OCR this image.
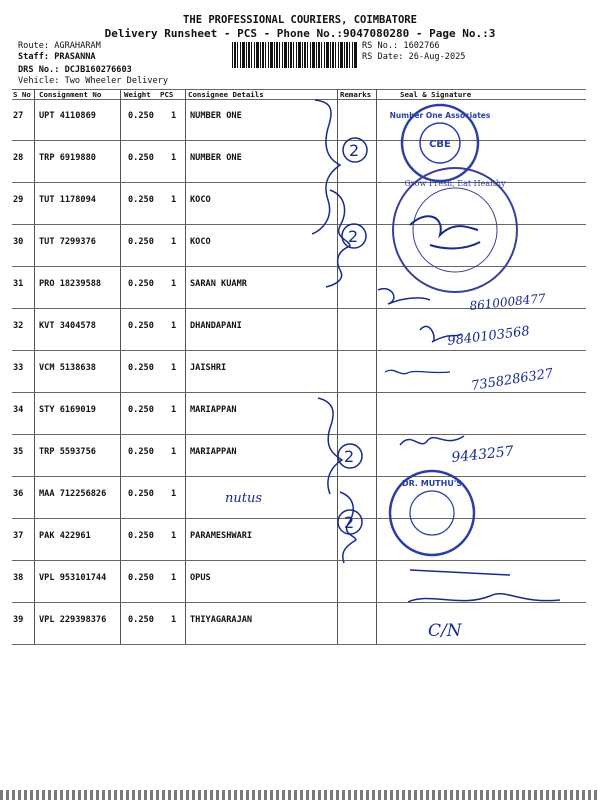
THE PROFESSIONAL COURIERS, COIMBATORE
Delivery Runsheet - PCS - Phone No.:9047080280 - Page No.:3
Route: AGRAHARAM
Staff: PRASANNA
DRS No.: DCJB160276603
Vehicle: Two Wheeler Delivery
RS No.: 1602766
RS Date: 26-Aug-2025
S No Consignment No	Weight PCS Consignee Details	Remarks	Seal & Signature
27 UPT 4110869	0.250 1 NUMBER ONE
28 TRP 6919880	0.250 1 NUMBER ONE
29 TUT 1178094	0.250 1 KOCO
30 TUT 7299376	0.250 1 KOCO
31 PRO 18239588	0.250 1 SARAN KUAMR
32 KVT 3404578	0.250 1 DHANDAPANI
33 VCM 5138638	0.250 1 JAISHRI
34 STY 6169019	0.250 1 MARIAPPAN
35 TRP 5593756	0.250 1 MARIAPPAN
36 MAA 712256826	0.250 1
37 PAK 422961	0.250 1 PARAMESHWARI
38 VPL 953101744	0.250 1 OPUS
39 VPL 229398376	0.250 1 THIYAGARAJAN
2
2
2
2
CBE
Number One Associates
Grow Fresh, Eat Healthy
DR. MUTHU'S
8610008477
9840103568
7358286327
9443257
nutus
C/N
